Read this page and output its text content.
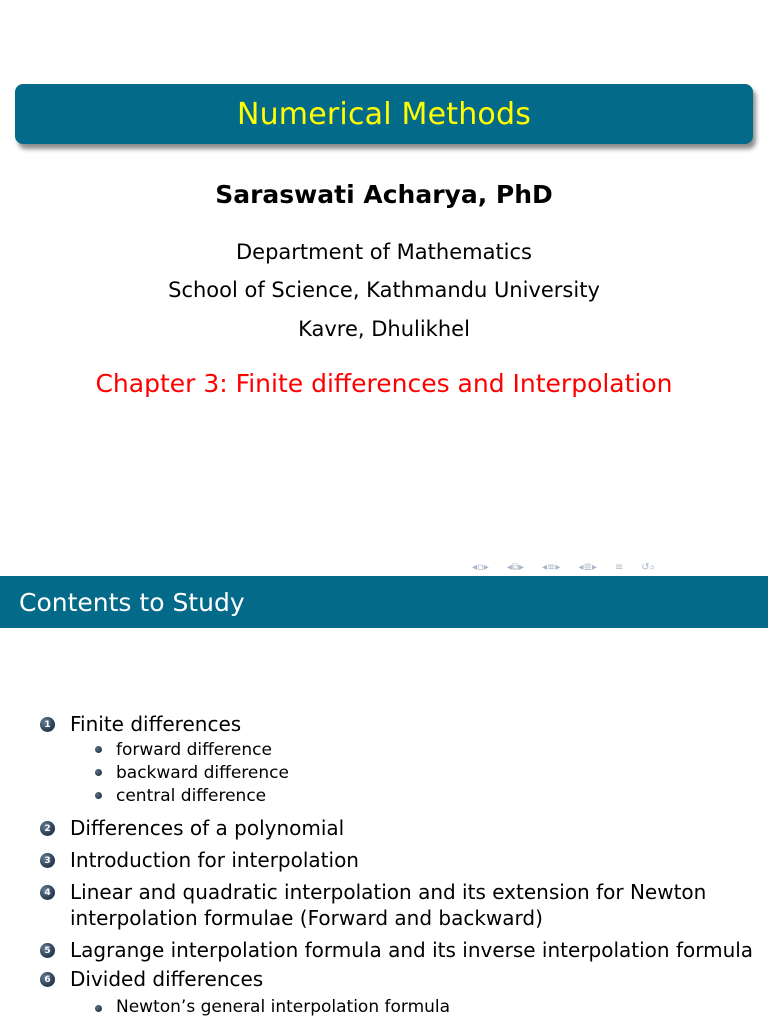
Numerical Methods
Saraswati Acharya, PhD
Department of Mathematics
School of Science, Kathmandu University
Kavre, Dhulikhel
Chapter 3: Finite differences and Interpolation
◂▫▸ ◂⧉▸ ◂≡▸ ◂≣▸ ≡ ↺⌕
Contents to Study
1 Finite differences
forward difference
backward difference
central difference
2 Differences of a polynomial
3 Introduction for interpolation
4 Linear and quadratic interpolation and its extension for Newton
interpolation formulae (Forward and backward)
5 Lagrange interpolation formula and its inverse interpolation formula
6 Divided differences
Newton’s general interpolation formula
